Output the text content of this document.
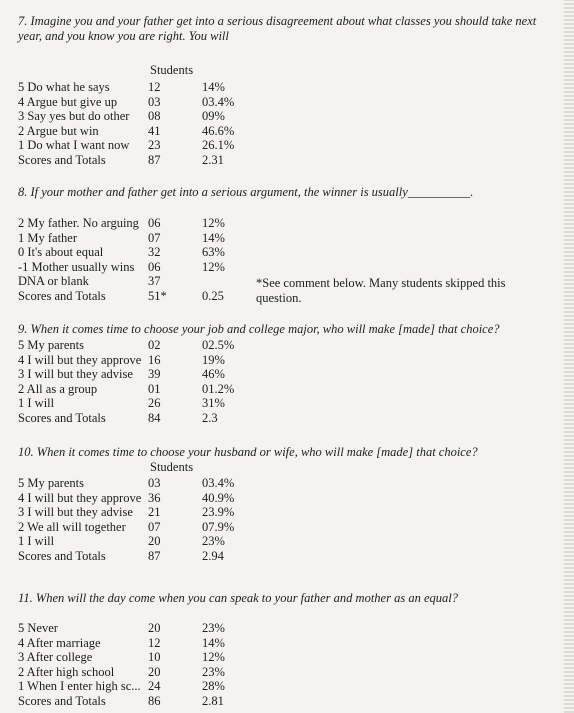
7. Imagine you and your father get into a serious disagreement about what classes you should take next year, and you know you are right. You will
Students
5 Do what he says	12	14%
4 Argue but give up 03	03.4%
3 Say yes but do other 08	09%
2 Argue but win	41	46.6%
1 Do what I want now 23	26.1%
Scores and Totals	87	2.31
8. If your mother and father get into a serious argument, the winner is usually__________.
2 My father. No arguing 06	12%
1 My father	07	14%
0 It's about equal	32	63%
-1 Mother usually wins 06	12%
DNA or blank	37
Scores and Totals	51*	0.25
*See comment below. Many students skipped this question.
9. When it comes time to choose your job and college major, who will make [made] that choice?
5 My parents	02	02.5%
4 I will but they approve 16	19%
3 I will but they advise 39	46%
2 All as a group	01	01.2%
1 I will	26	31%
Scores and Totals	84	2.3
10. When it comes time to choose your husband or wife, who will make [made] that choice?
Students
5 My parents	03	03.4%
4 I will but they approve 36	40.9%
3 I will but they advise 21	23.9%
2 We all will together 07	07.9%
1 I will	20	23%
Scores and Totals	87	2.94
11. When will the day come when you can speak to your father and mother as an equal?
5 Never	20	23%
4 After marriage	12	14%
3 After college	10	12%
2 After high school	20	23%
1 When I enter high sc... 24	28%
Scores and Totals	86	2.81
